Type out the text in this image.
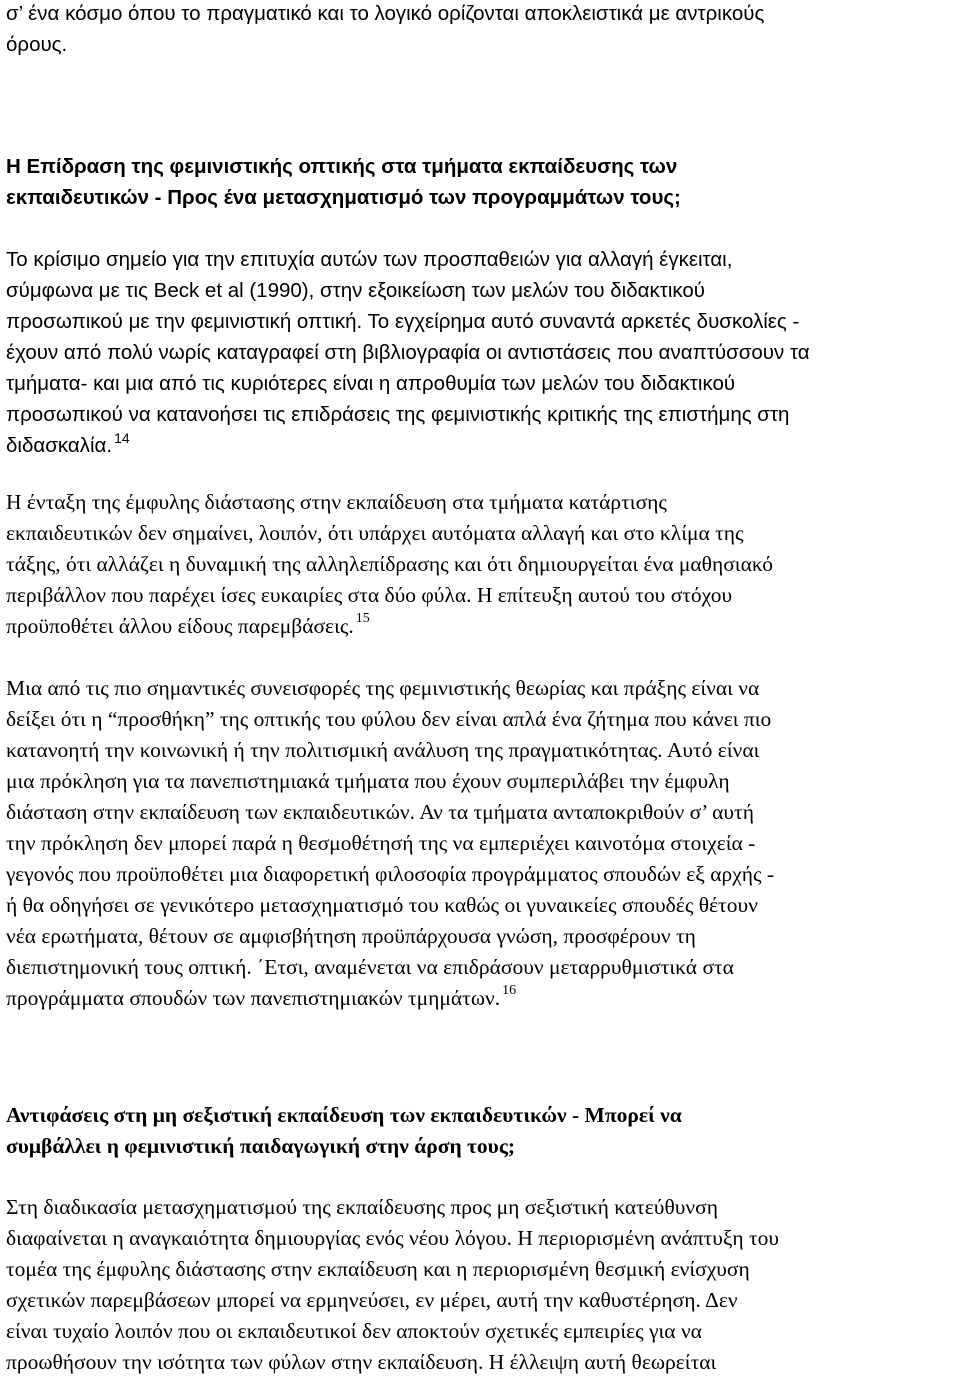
σ’ ένα κόσμο όπου το πραγματικό και το λογικό ορίζονται αποκλειστικά με αντρικούς
όρους.
Η Επίδραση της φεμινιστικής οπτικής στα τμήματα εκπαίδευσης των
εκπαιδευτικών - Προς ένα μετασχηματισμό των προγραμμάτων τους;
Το κρίσιμο σημείο για την επιτυχία αυτών των προσπαθειών για αλλαγή έγκειται,
σύμφωνα με τις Beck et al (1990), στην εξοικείωση των μελών του διδακτικού
προσωπικού με την φεμινιστική οπτική. Το εγχείρημα αυτό συναντά αρκετές δυσκολίες -
έχουν από πολύ νωρίς καταγραφεί στη βιβλιογραφία οι αντιστάσεις που αναπτύσσουν τα
τμήματα- και μια από τις κυριότερες είναι η απροθυμία των μελών του διδακτικού
προσωπικού να κατανοήσει τις επιδράσεις της φεμινιστικής κριτικής της επιστήμης στη
διδασκαλία. $^{14}$
Η ένταξη της έμφυλης διάστασης στην εκπαίδευση στα τμήματα κατάρτισης
εκπαιδευτικών δεν σημαίνει, λοιπόν, ότι υπάρχει αυτόματα αλλαγή και στο κλίμα της
τάξης, ότι αλλάζει η δυναμική της αλληλεπίδρασης και ότι δημιουργείται ένα μαθησιακό
περιβάλλον που παρέχει ίσες ευκαιρίες στα δύο φύλα. Η επίτευξη αυτού του στόχου
προϋποθέτει άλλου είδους παρεμβάσεις. $^{15}$
Μια από τις πιο σημαντικές συνεισφορές της φεμινιστικής θεωρίας και πράξης είναι να
δείξει ότι η “προσθήκη” της οπτικής του φύλου δεν είναι απλά ένα ζήτημα που κάνει πιο
κατανοητή την κοινωνική ή την πολιτισμική ανάλυση της πραγματικότητας. Αυτό είναι
μια πρόκληση για τα πανεπιστημιακά τμήματα που έχουν συμπεριλάβει την έμφυλη
διάσταση στην εκπαίδευση των εκπαιδευτικών. Αν τα τμήματα ανταποκριθούν σ’ αυτή
την πρόκληση δεν μπορεί παρά η θεσμοθέτησή της να εμπεριέχει καινοτόμα στοιχεία -
γεγονός που προϋποθέτει μια διαφορετική φιλοσοφία προγράμματος σπουδών εξ αρχής -
ή θα οδηγήσει σε γενικότερο μετασχηματισμό του καθώς οι γυναικείες σπουδές θέτουν
νέα ερωτήματα, θέτουν σε αμφισβήτηση προϋπάρχουσα γνώση, προσφέρουν τη
διεπιστημονική τους οπτική. ΄Ετσι, αναμένεται να επιδράσουν μεταρρυθμιστικά στα
προγράμματα σπουδών των πανεπιστημιακών τμημάτων. $^{16}$
Αντιφάσεις στη μη σεξιστική εκπαίδευση των εκπαιδευτικών - Μπορεί να
συμβάλλει η φεμινιστική παιδαγωγική στην άρση τους;
Στη διαδικασία μετασχηματισμού της εκπαίδευσης προς μη σεξιστική κατεύθυνση
διαφαίνεται η αναγκαιότητα δημιουργίας ενός νέου λόγου. Η περιορισμένη ανάπτυξη του
τομέα της έμφυλης διάστασης στην εκπαίδευση και η περιορισμένη θεσμική ενίσχυση
σχετικών παρεμβάσεων μπορεί να ερμηνεύσει, εν μέρει, αυτή την καθυστέρηση. Δεν
είναι τυχαίο λοιπόν που οι εκπαιδευτικοί δεν αποκτούν σχετικές εμπειρίες για να
προωθήσουν την ισότητα των φύλων στην εκπαίδευση. Η έλλειψη αυτή θεωρείται
